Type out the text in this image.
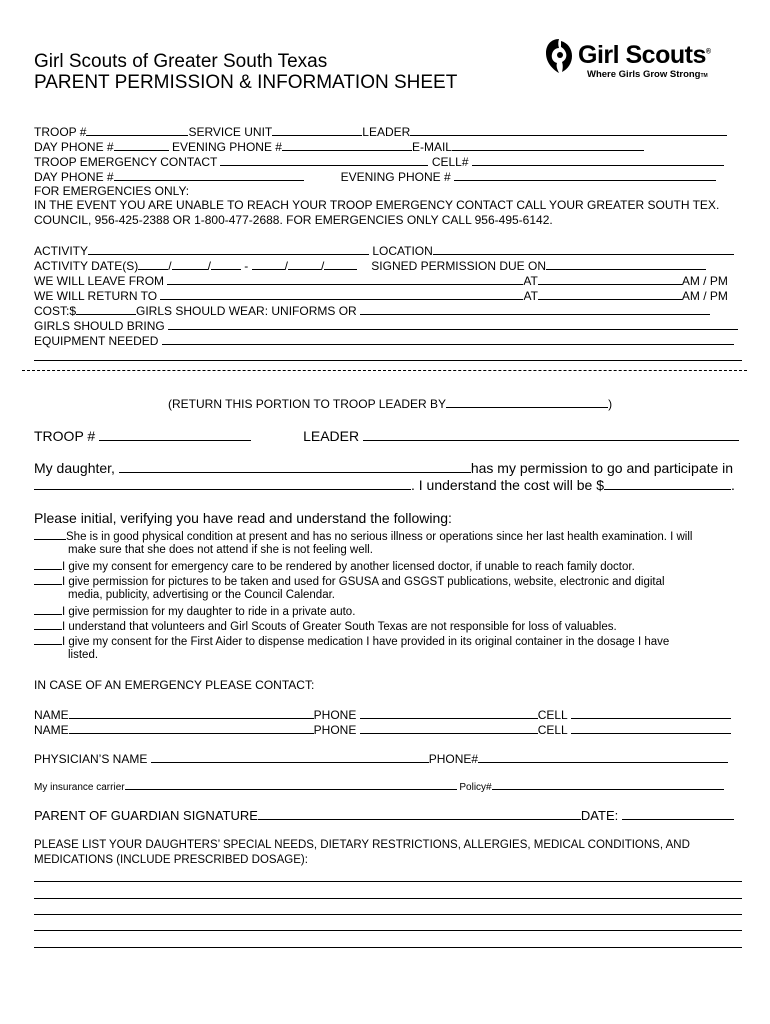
Girl Scouts of Greater South Texas
PARENT PERMISSION & INFORMATION SHEET
Girl Scouts®
Where Girls Grow StrongTM
TROOP #	SERVICE UNIT	LEADER
DAY PHONE #	EVENING PHONE #	E-MAIL
TROOP EMERGENCY CONTACT	CELL#
DAY PHONE #	EVENING PHONE #
FOR EMERGENCIES ONLY:
IN THE EVENT YOU ARE UNABLE TO REACH YOUR TROOP EMERGENCY CONTACT CALL YOUR GREATER SOUTH TEX.
COUNCIL, 956-425-2388 OR 1-800-477-2688. FOR EMERGENCIES ONLY CALL 956-495-6142.
ACTIVITY	LOCATION
ACTIVITY DATE(S)	/	/	-	/	/	SIGNED PERMISSION DUE ON
WE WILL LEAVE FROM	AT	AM / PM
WE WILL RETURN TO	AT	AM / PM
COST:$	GIRLS SHOULD WEAR: UNIFORMS OR
GIRLS SHOULD BRING
EQUIPMENT NEEDED
(RETURN THIS PORTION TO TROOP LEADER BY	)
TROOP #	LEADER
My daughter,	has my permission to go and participate in
. I understand the cost will be $	.
Please initial, verifying you have read and understand the following:
She is in good physical condition at present and has no serious illness or operations since her last health examination. I will
make sure that she does not attend if she is not feeling well.
I give my consent for emergency care to be rendered by another licensed doctor, if unable to reach family doctor.
I give permission for pictures to be taken and used for GSUSA and GSGST publications, website, electronic and digital
media, publicity, advertising or the Council Calendar.
I give permission for my daughter to ride in a private auto.
I understand that volunteers and Girl Scouts of Greater South Texas are not responsible for loss of valuables.
I give my consent for the First Aider to dispense medication I have provided in its original container in the dosage I have
listed.
IN CASE OF AN EMERGENCY PLEASE CONTACT:
NAME	PHONE	CELL
NAME	PHONE	CELL
PHYSICIAN’S NAME	PHONE#
My insurance carrier	Policy#
PARENT OF GUARDIAN SIGNATURE	DATE:
PLEASE LIST YOUR DAUGHTERS’ SPECIAL NEEDS, DIETARY RESTRICTIONS, ALLERGIES, MEDICAL CONDITIONS, AND
MEDICATIONS (INCLUDE PRESCRIBED DOSAGE):
